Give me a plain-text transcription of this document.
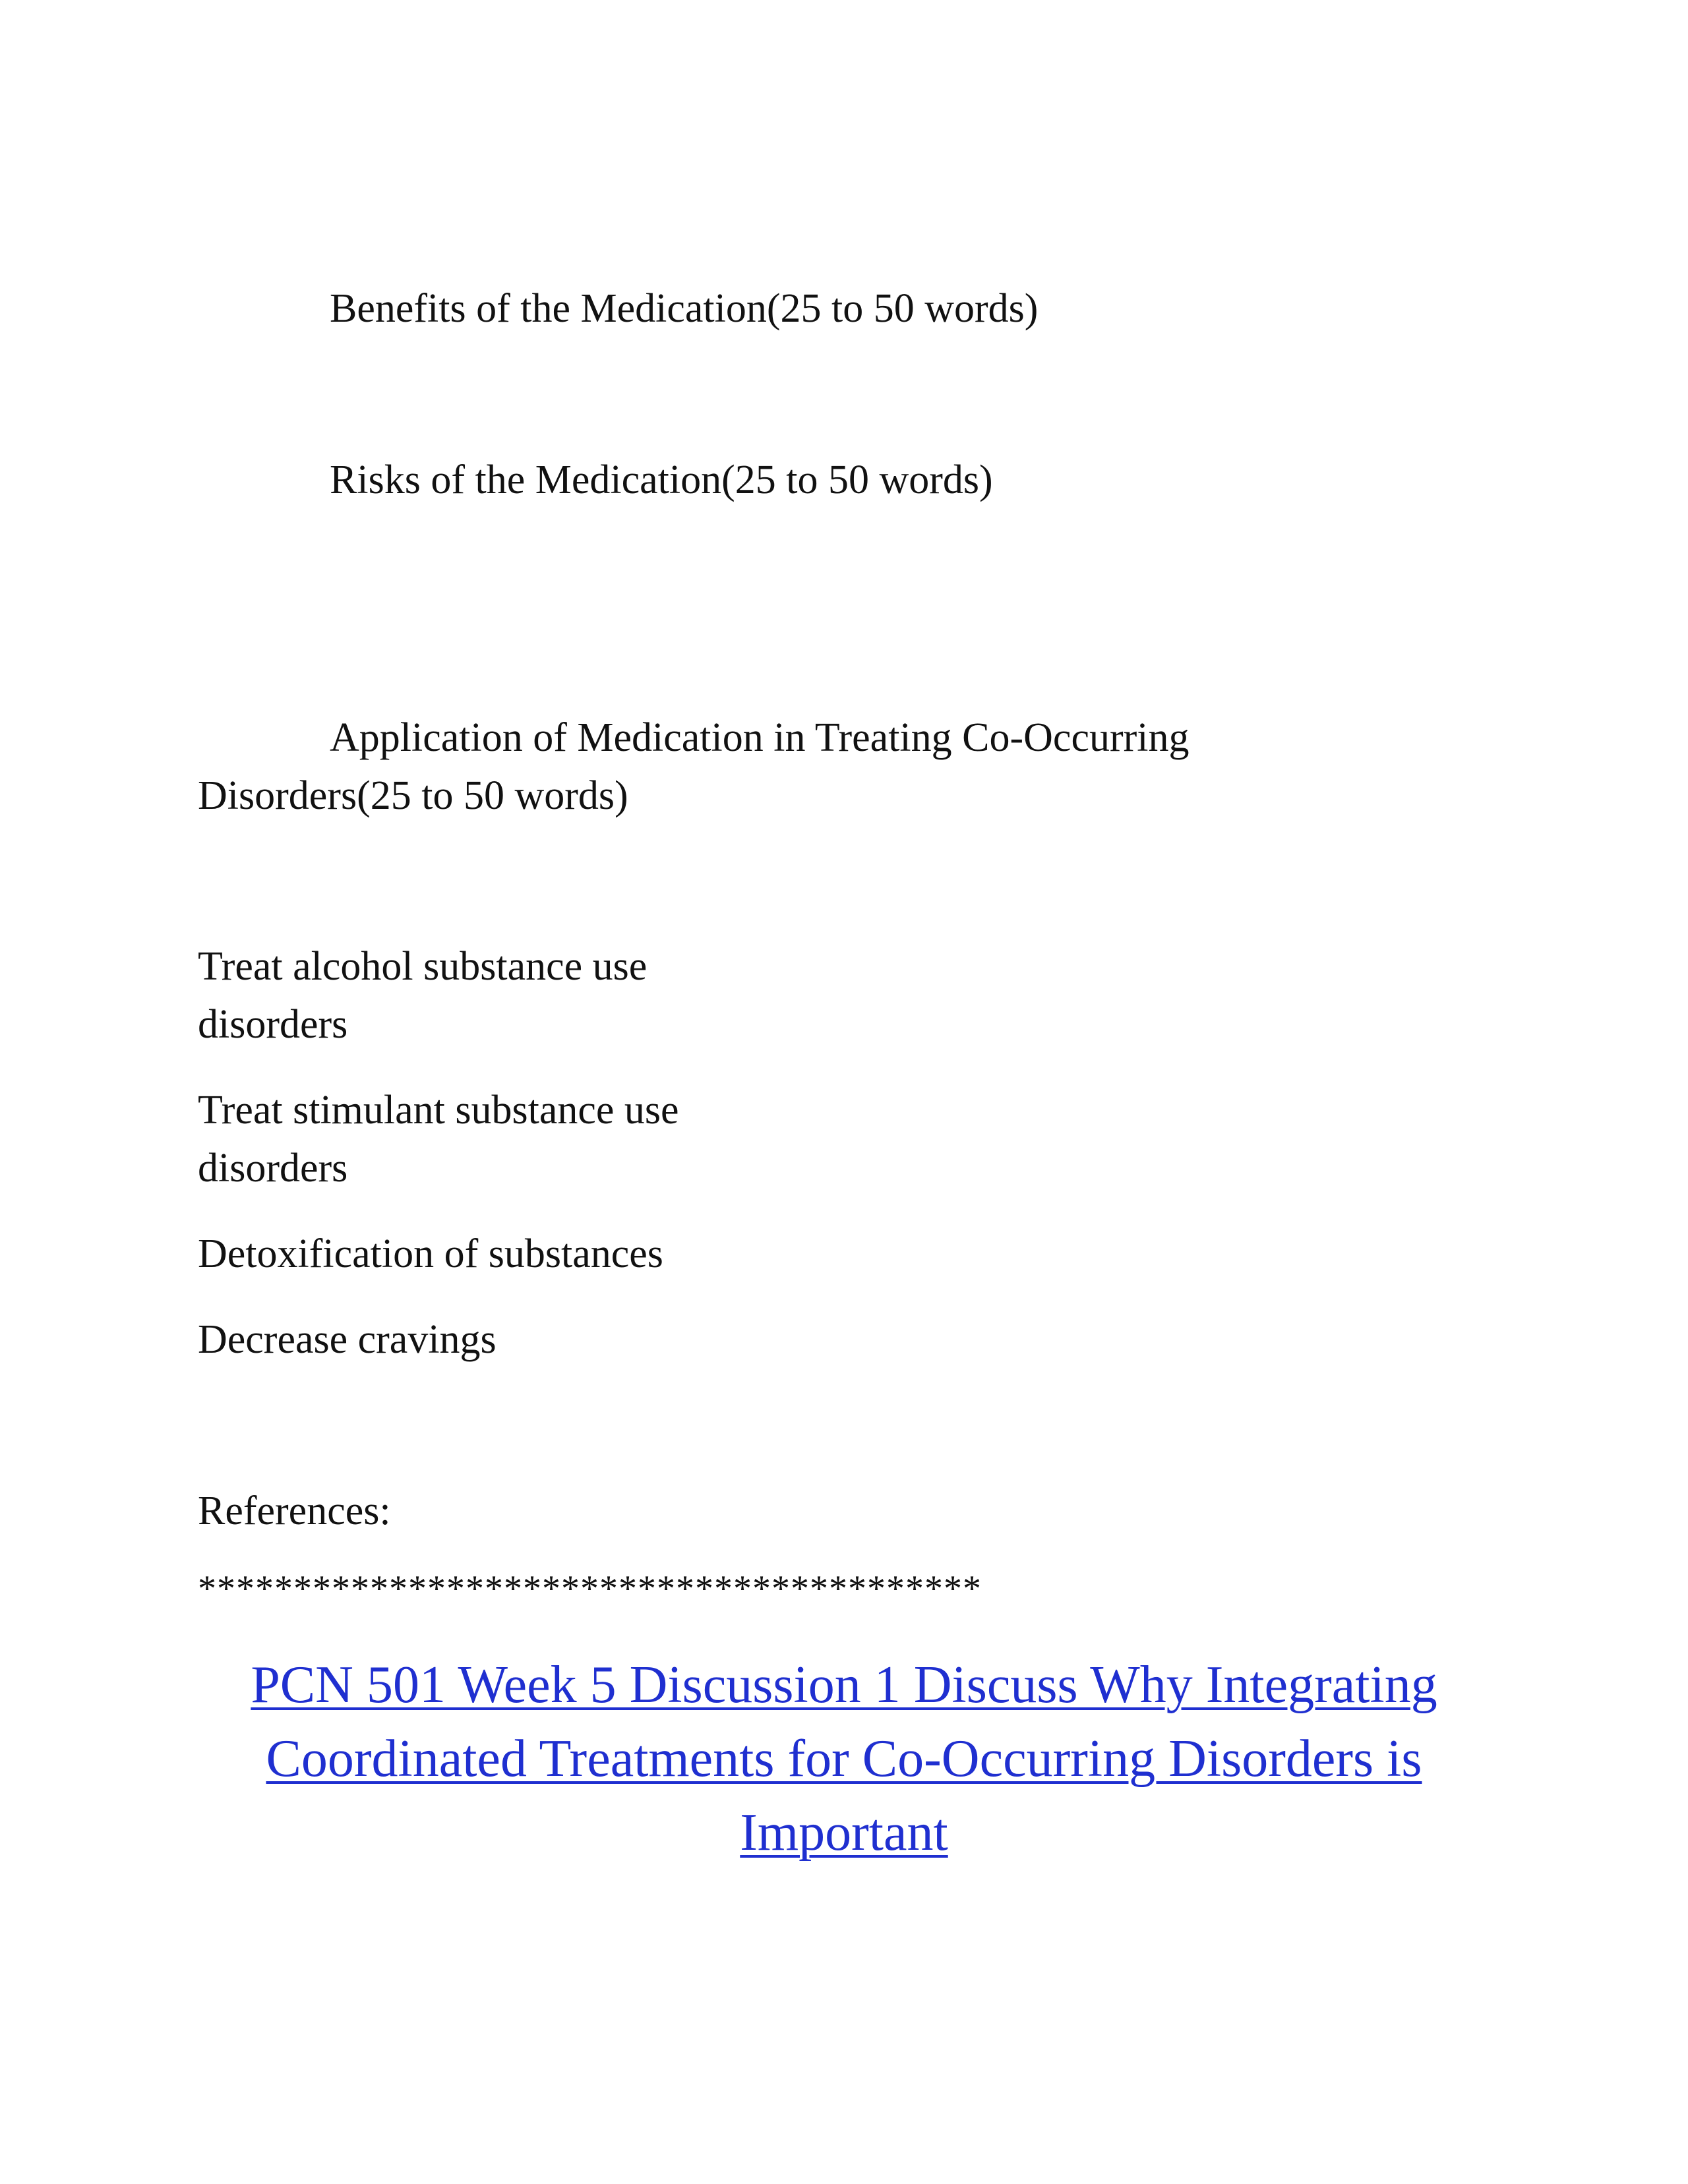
Benefits of the Medication(25 to 50 words)

Risks of the Medication(25 to 50 words)

Application of Medication in Treating Co-Occurring

Disorders(25 to 50 words)

Treat alcohol substance use

disorders

Treat stimulant substance use

disorders

Detoxification of substances

Decrease cravings

References:

*****************************************

PCN 501 Week 5 Discussion 1 Discuss Why Integrating
Coordinated Treatments for Co-Occurring Disorders is
Important
